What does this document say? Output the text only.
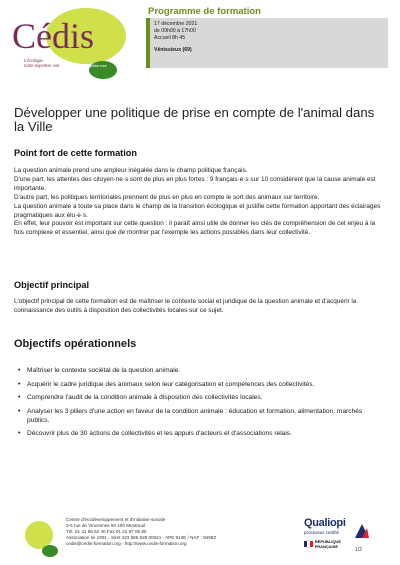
Cédis
L'écologie,
notre expertise vos	compétences
Programme de formation
17 décembre 2021
de 09h00 à 17h00
Accueil 8h 45
Vénissieux (69)
Développer une politique de prise en compte de l'animal dans la Ville
Point fort de cette formation

La question animale prend une ampleur inégalée dans le champ politique français.

D'une part, les attentes des citoyen·ne·s sont de plus en plus fortes : 9 français·e·s sur 10 considèrent que la cause animale est importante.

D'autre part, les politiques territoriales prennent de plus en plus en compte le sort des animaux sur territoire.

La question animale a toute sa place dans le champ de la transition écologique et justifie cette formation apportant des éclairages pragmatiques aux élu·e·s.

En effet, leur pouvoir est important sur cette question : il paraît ainsi utile de donner les clés de compréhension de cet enjeu à la fois complexe et essentiel, ainsi que de montrer par l'exemple les actions possibles dans leur collectivité.

Objectif principal
L'objectif principal de cette formation est de maîtriser le contexte social et juridique de la question animale et d'acquérir la connaissance des outils à disposition des collectivités locales sur ce sujet.
Objectifs opérationnels
• Maîtriser le contexte sociétal de la question animale.
• Acquérir le cadre juridique des animaux selon leur catégorisation et compétences des collectivités.
• Comprendre l'audit de la condition animale à disposition des collectivités locales.
• Analyser les 3 piliers d'une action en faveur de la condition animale : éducation et formation, alimentation, marchés publics.
• Découvrir plus de 30 actions de collectivités et les appuis d'acteurs et d'associations relais.
Centre d'écodéveloppement et d'initiative sociale
3-5 rue de Vincennes 93 100 Montreuil
Tél. 01 41 58 52 40 Fax 01 42 87 05 80
Association loi 1901 - Siret 423 686 628 00041 - APE 913E / NAF : 9499Z
cedis@cedis-formation.org - http://www.cedis-formation.org
Qualiopi
processus certifié
RÉPUBLIQUE FRANÇAISE
1/2
